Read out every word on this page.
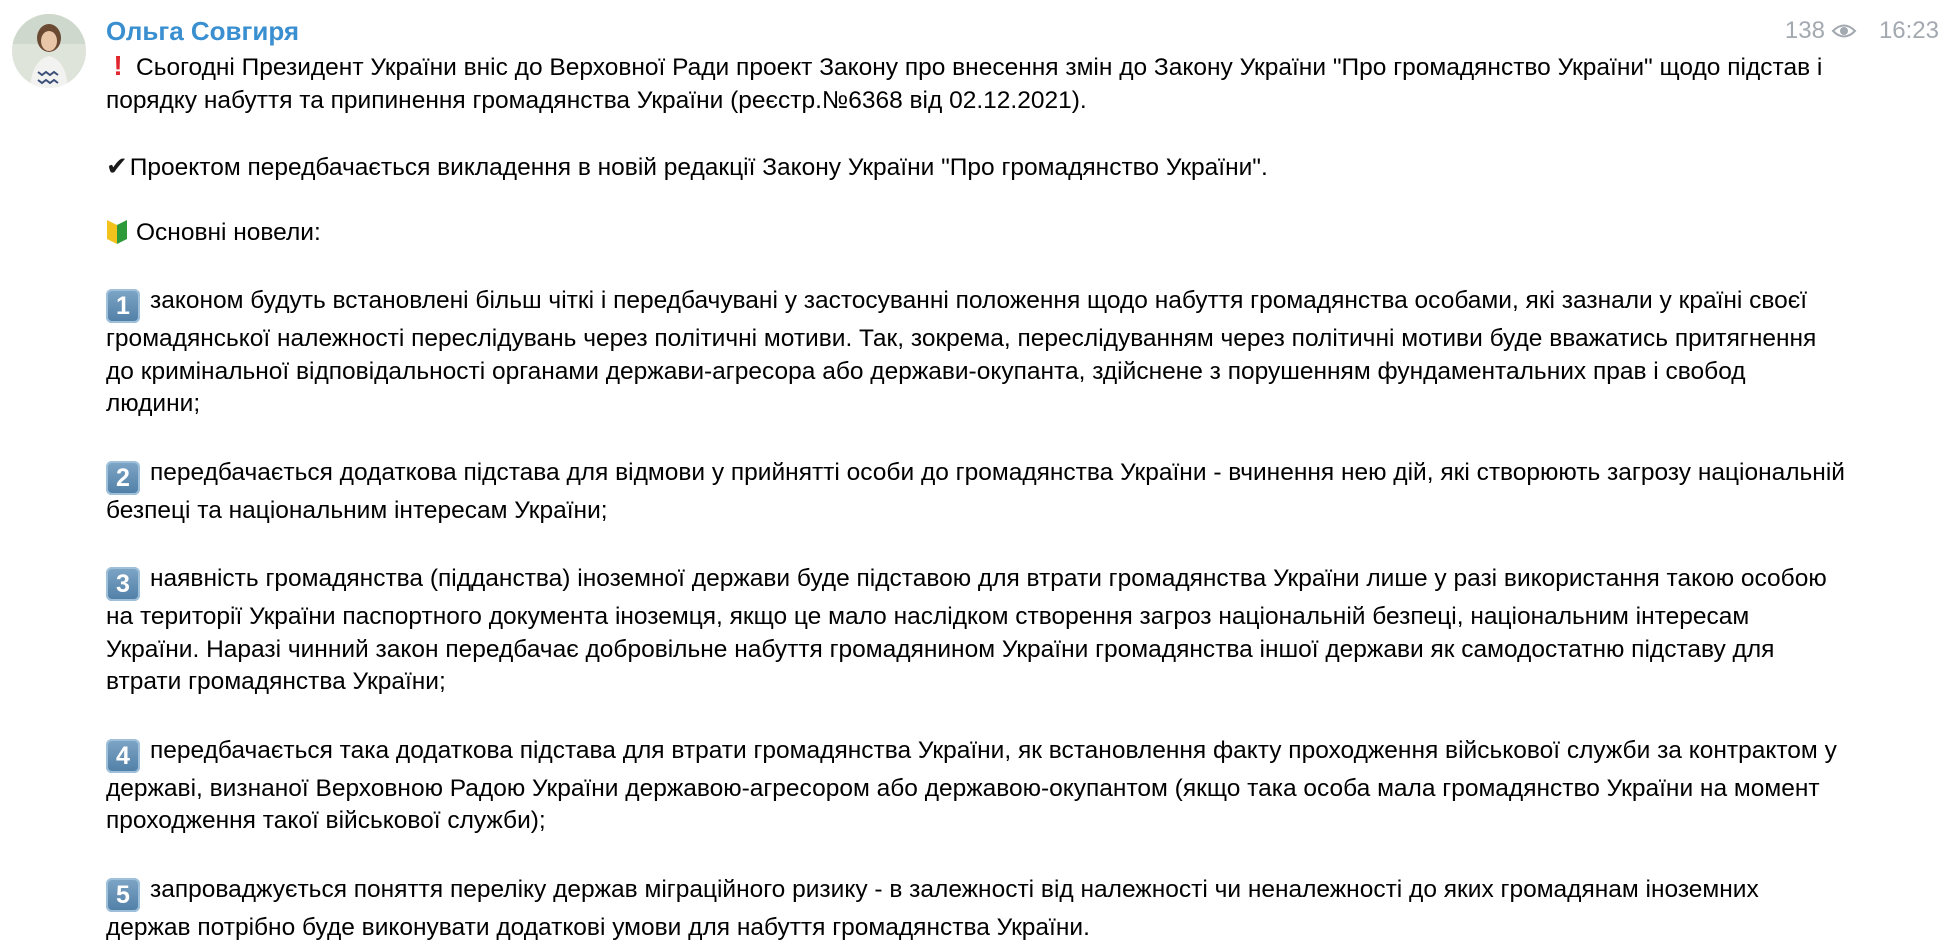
Ольга Совгиря	138 16:23
! Сьогодні Президент України вніс до Верховної Ради проект Закону про внесення змін до Закону України "Про громадянство України" щодо підстав і порядку набуття та припинення громадянства України (реєстр.№6368 від 02.12.2021).
✔Проектом передбачається викладення в новій редакції Закону України "Про громадянство України".
Основні новели:
1 законом будуть встановлені більш чіткі і передбачувані у застосуванні положення щодо набуття громадянства особами, які зазнали у країні своєї громадянської належності переслідувань через політичні мотиви. Так, зокрема, переслідуванням через політичні мотиви буде вважатись притягнення до кримінальної відповідальності органами держави-агресора або держави-окупанта, здійснене з порушенням фундаментальних прав і свобод людини;
2 передбачається додаткова підстава для відмови у прийнятті особи до громадянства України - вчинення нею дій, які створюють загрозу національній безпеці та національним інтересам України;
3 наявність громадянства (підданства) іноземної держави буде підставою для втрати громадянства України лише у разі використання такою особою на території України паспортного документа іноземця, якщо це мало наслідком створення загроз національній безпеці, національним інтересам України. Наразі чинний закон передбачає добровільне набуття громадянином України громадянства іншої держави як самодостатню підставу для втрати громадянства України;
4 передбачається така додаткова підстава для втрати громадянства України, як встановлення факту проходження військової служби за контрактом у державі, визнаної Верховною Радою України державою-агресором або державою-окупантом (якщо така особа мала громадянство України на момент проходження такої військової служби);
5 запроваджується поняття переліку держав міграційного ризику - в залежності від належності чи неналежності до яких громадянам іноземних держав потрібно буде виконувати додаткові умови для набуття громадянства України.
